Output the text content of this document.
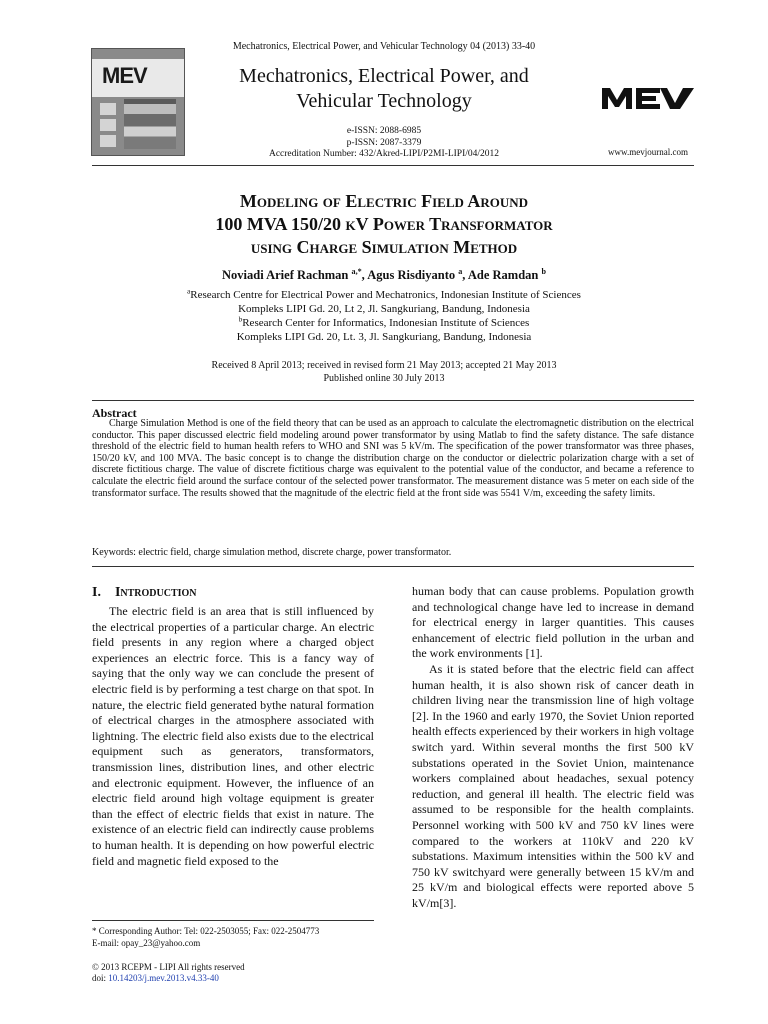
Mechatronics, Electrical Power, and Vehicular Technology 04 (2013) 33-40
MEV	Mechatronics, Electrical Power, and
Vehicular Technology
e-ISSN: 2088-6985
p-ISSN: 2087-3379
Accreditation Number: 432/Akred-LIPI/P2MI-LIPI/04/2012	www.mevjournal.com
Modeling of Electric Field Around
100 MVA 150/20 kV Power Transformator
using Charge Simulation Method
Noviadi Arief Rachman $^{a,*}$, Agus Risdiyanto $^a$, Ade Ramdan $^b$
$^a$Research Centre for Electrical Power and Mechatronics, Indonesian Institute of Sciences
Kompleks LIPI Gd. 20, Lt 2, Jl. Sangkuriang, Bandung, Indonesia
$^b$Research Center for Informatics, Indonesian Institute of Sciences
Kompleks LIPI Gd. 20, Lt. 3, Jl. Sangkuriang, Bandung, Indonesia
Received 8 April 2013; received in revised form 21 May 2013; accepted 21 May 2013
Published online 30 July 2013
Abstract
Charge Simulation Method is one of the field theory that can be used as an approach to calculate the electromagnetic distribution on the electrical conductor. This paper discussed electric field modeling around power transformator by using Matlab to find the safety distance. The safe distance threshold of the electric field to human health refers to WHO and SNI was 5 kV/m. The specification of the power transformator was three phases, 150/20 kV, and 100 MVA. The basic concept is to change the distribution charge on the conductor or dielectric polarization charge with a set of discrete fictitious charge. The value of discrete fictitious charge was equivalent to the potential value of the conductor, and became a reference to calculate the electric field around the surface contour of the selected power transformator. The measurement distance was 5 meter on each side of the transformator surface. The results showed that the magnitude of the electric field at the front side was 5541 V/m, exceeding the safety limits.
Keywords: electric field, charge simulation method, discrete charge, power transformator.
I. Introduction
The electric field is an area that is still influenced by the electrical properties of a particular charge. An electric field presents in any region where a charged object experiences an electric force. This is a fancy way of saying that the only way we can conclude the present of electric field is by performing a test charge on that spot. In nature, the electric field generated bythe natural formation of electrical charges in the atmosphere associated with lightning. The electric field also exists due to the electrical equipment such as generators, transformators, transmission lines, distribution lines, and other electric and electronic equipment. However, the influence of an electric field around high voltage equipment is greater than the effect of electric fields that exist in nature. The existence of an electric field can indirectly cause problems to human health. It is depending on how powerful electric field and magnetic field exposed to the

human body that can cause problems. Population growth and technological change have led to increase in demand for electrical energy in larger quantities. This causes enhancement of electric field pollution in the urban and the work environments [1].

As it is stated before that the electric field can affect human health, it is also shown risk of cancer death in children living near the transmission line of high voltage [2]. In the 1960 and early 1970, the Soviet Union reported health effects experienced by their workers in high voltage switch yard. Within several months the first 500 kV substations operated in the Soviet Union, maintenance workers complained about headaches, sexual potency reduction, and general ill health. The electric field was assumed to be responsible for the health complaints. Personnel working with 500 kV and 750 kV lines were compared to the workers at 110kV and 220 kV substations. Maximum intensities within the 500 kV and 750 kV switchyard were generally between 15 kV/m and 25 kV/m and biological effects were reported above 5 kV/m[3].

* Corresponding Author: Tel: 022-2503055; Fax: 022-2504773
E-mail: opay_23@yahoo.com
© 2013 RCEPM - LIPI All rights reserved
doi: 10.14203/j.mev.2013.v4.33-40
